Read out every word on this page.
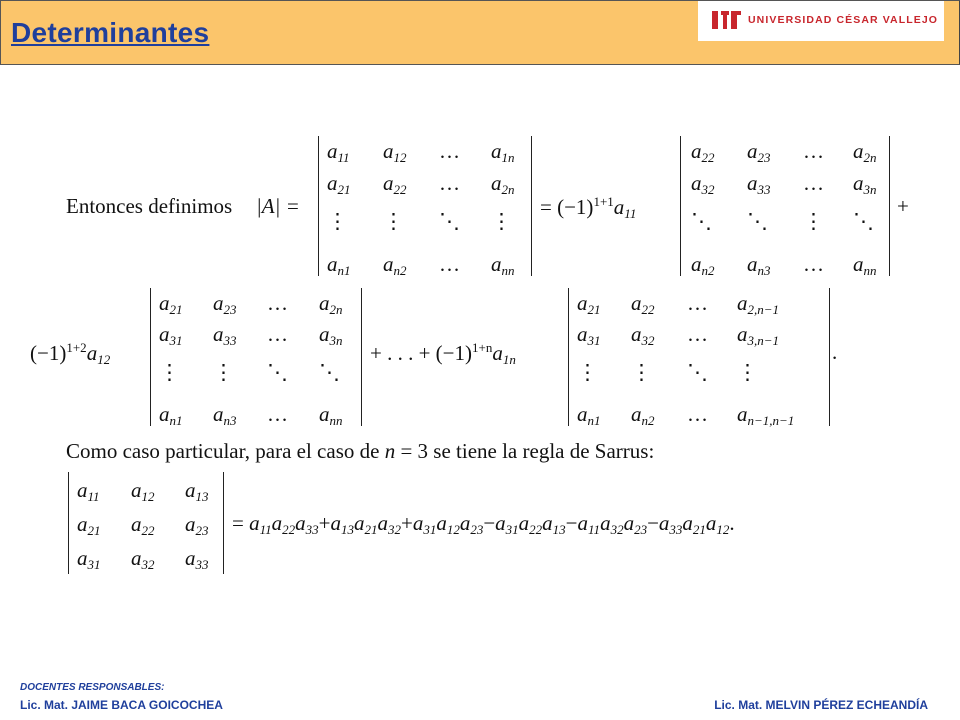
Determinantes	UNIVERSIDAD CÉSAR VALLEJO
Entonces definimos |A| =
$a_{11}$ $a_{12}$ … $a_{1n}$
$a_{21}$ $a_{22}$ … $a_{2n}$
⋮ ⋮ ⋱ ⋮
$a_{n1}$ $a_{n2}$ … $a_{nn}$
= $(-1)^{1+1}a_{11}$
$a_{22}$ $a_{23}$ … $a_{2n}$
$a_{32}$ $a_{33}$ … $a_{3n}$
⋱ ⋱ ⋮ ⋱
$a_{n2}$ $a_{n3}$ … $a_{nn}$
+
$(-1)^{1+2}a_{12}$
$a_{21}$ $a_{23}$ … $a_{2n}$
$a_{31}$ $a_{33}$ … $a_{3n}$
⋮ ⋮ ⋱ ⋱
$a_{n1}$ $a_{n3}$ … $a_{nn}$
+ . . . + $(-1)^{1+n}a_{1n}$
$a_{21}$ $a_{22}$ … $a_{2,n-1}$
$a_{31}$ $a_{32}$ … $a_{3,n-1}$
⋮ ⋮ ⋱ ⋮
$a_{n1}$ $a_{n2}$ … $a_{n-1,n-1}$
.
Como caso particular, para el caso de n = 3 se tiene la regla de Sarrus:
$a_{11}$ $a_{12}$ $a_{13}$
$a_{21}$ $a_{22}$ $a_{23}$
$a_{31}$ $a_{32}$ $a_{33}$
= $a_{11}a_{22}a_{33}+a_{13}a_{21}a_{32}+a_{31}a_{12}a_{23}-a_{31}a_{22}a_{13}-a_{11}a_{32}a_{23}-a_{33}a_{21}a_{12}$.
DOCENTES RESPONSABLES:
Lic. Mat. JAIME BACA GOICOCHEA	Lic. Mat. MELVIN PÉREZ ECHEANDÍA
